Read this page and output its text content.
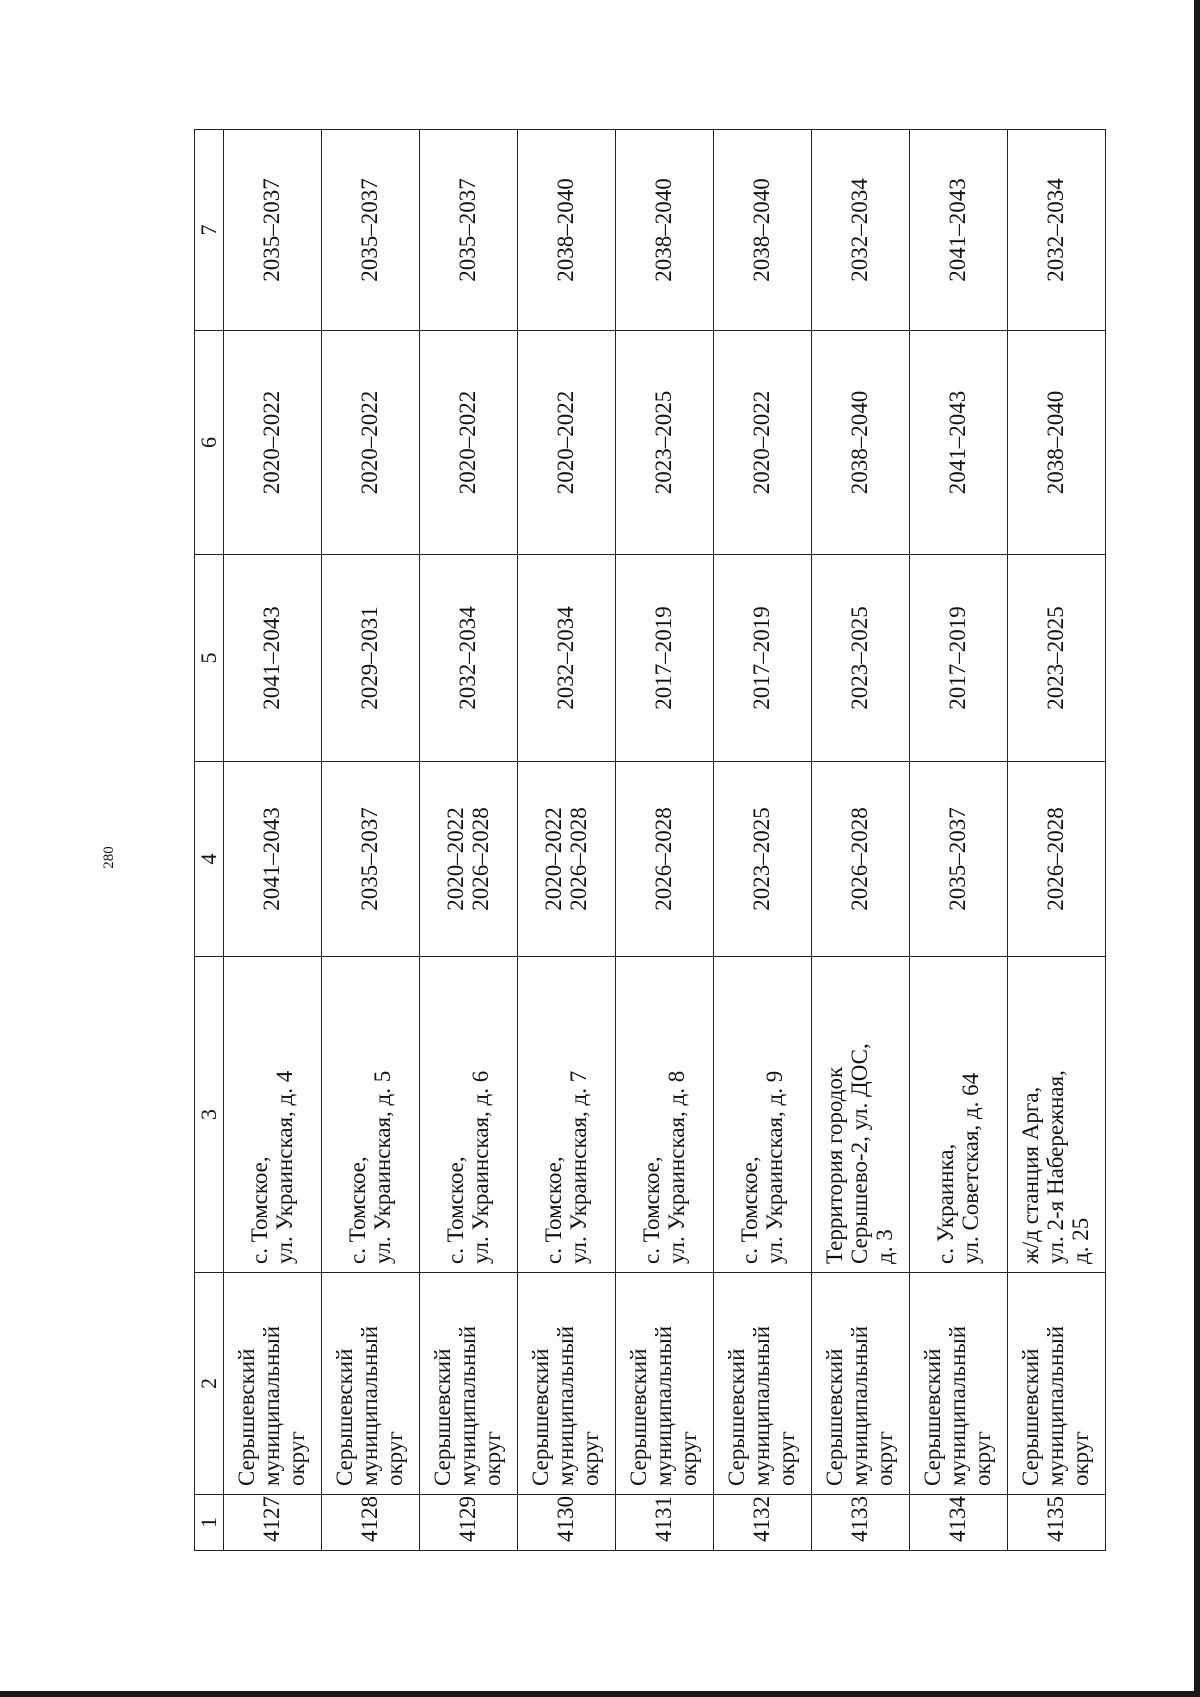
280
1	2	3	4	5	6	7
4127	Серышевский муниципальный округ	с. Томское, ул. Украинская, д. 4	2041–2043	2041–2043	2020–2022	2035–2037
4128	Серышевский муниципальный округ	с. Томское, ул. Украинская, д. 5	2035–2037	2029–2031	2020–2022	2035–2037
4129	Серышевский муниципальный округ	с. Томское, ул. Украинская, д. 6	2020–2022 2026–2028	2032–2034	2020–2022	2035–2037
4130	Серышевский муниципальный округ	с. Томское, ул. Украинская, д. 7	2020–2022 2026–2028	2032–2034	2020–2022	2038–2040
4131	Серышевский муниципальный округ	с. Томское, ул. Украинская, д. 8	2026–2028	2017–2019	2023–2025	2038–2040
4132	Серышевский муниципальный округ	с. Томское, ул. Украинская, д. 9	2023–2025	2017–2019	2020–2022	2038–2040
4133	Серышевский муниципальный округ	Территория городок Серышево-2, ул. ДОС, д. 3	2026–2028	2023–2025	2038–2040	2032–2034
4134	Серышевский муниципальный округ	с. Украинка, ул. Советская, д. 64	2035–2037	2017–2019	2041–2043	2041–2043
4135	Серышевский муниципальный округ	ж/д станция Арга, ул. 2-я Набережная, д. 25	2026–2028	2023–2025	2038–2040	2032–2034
